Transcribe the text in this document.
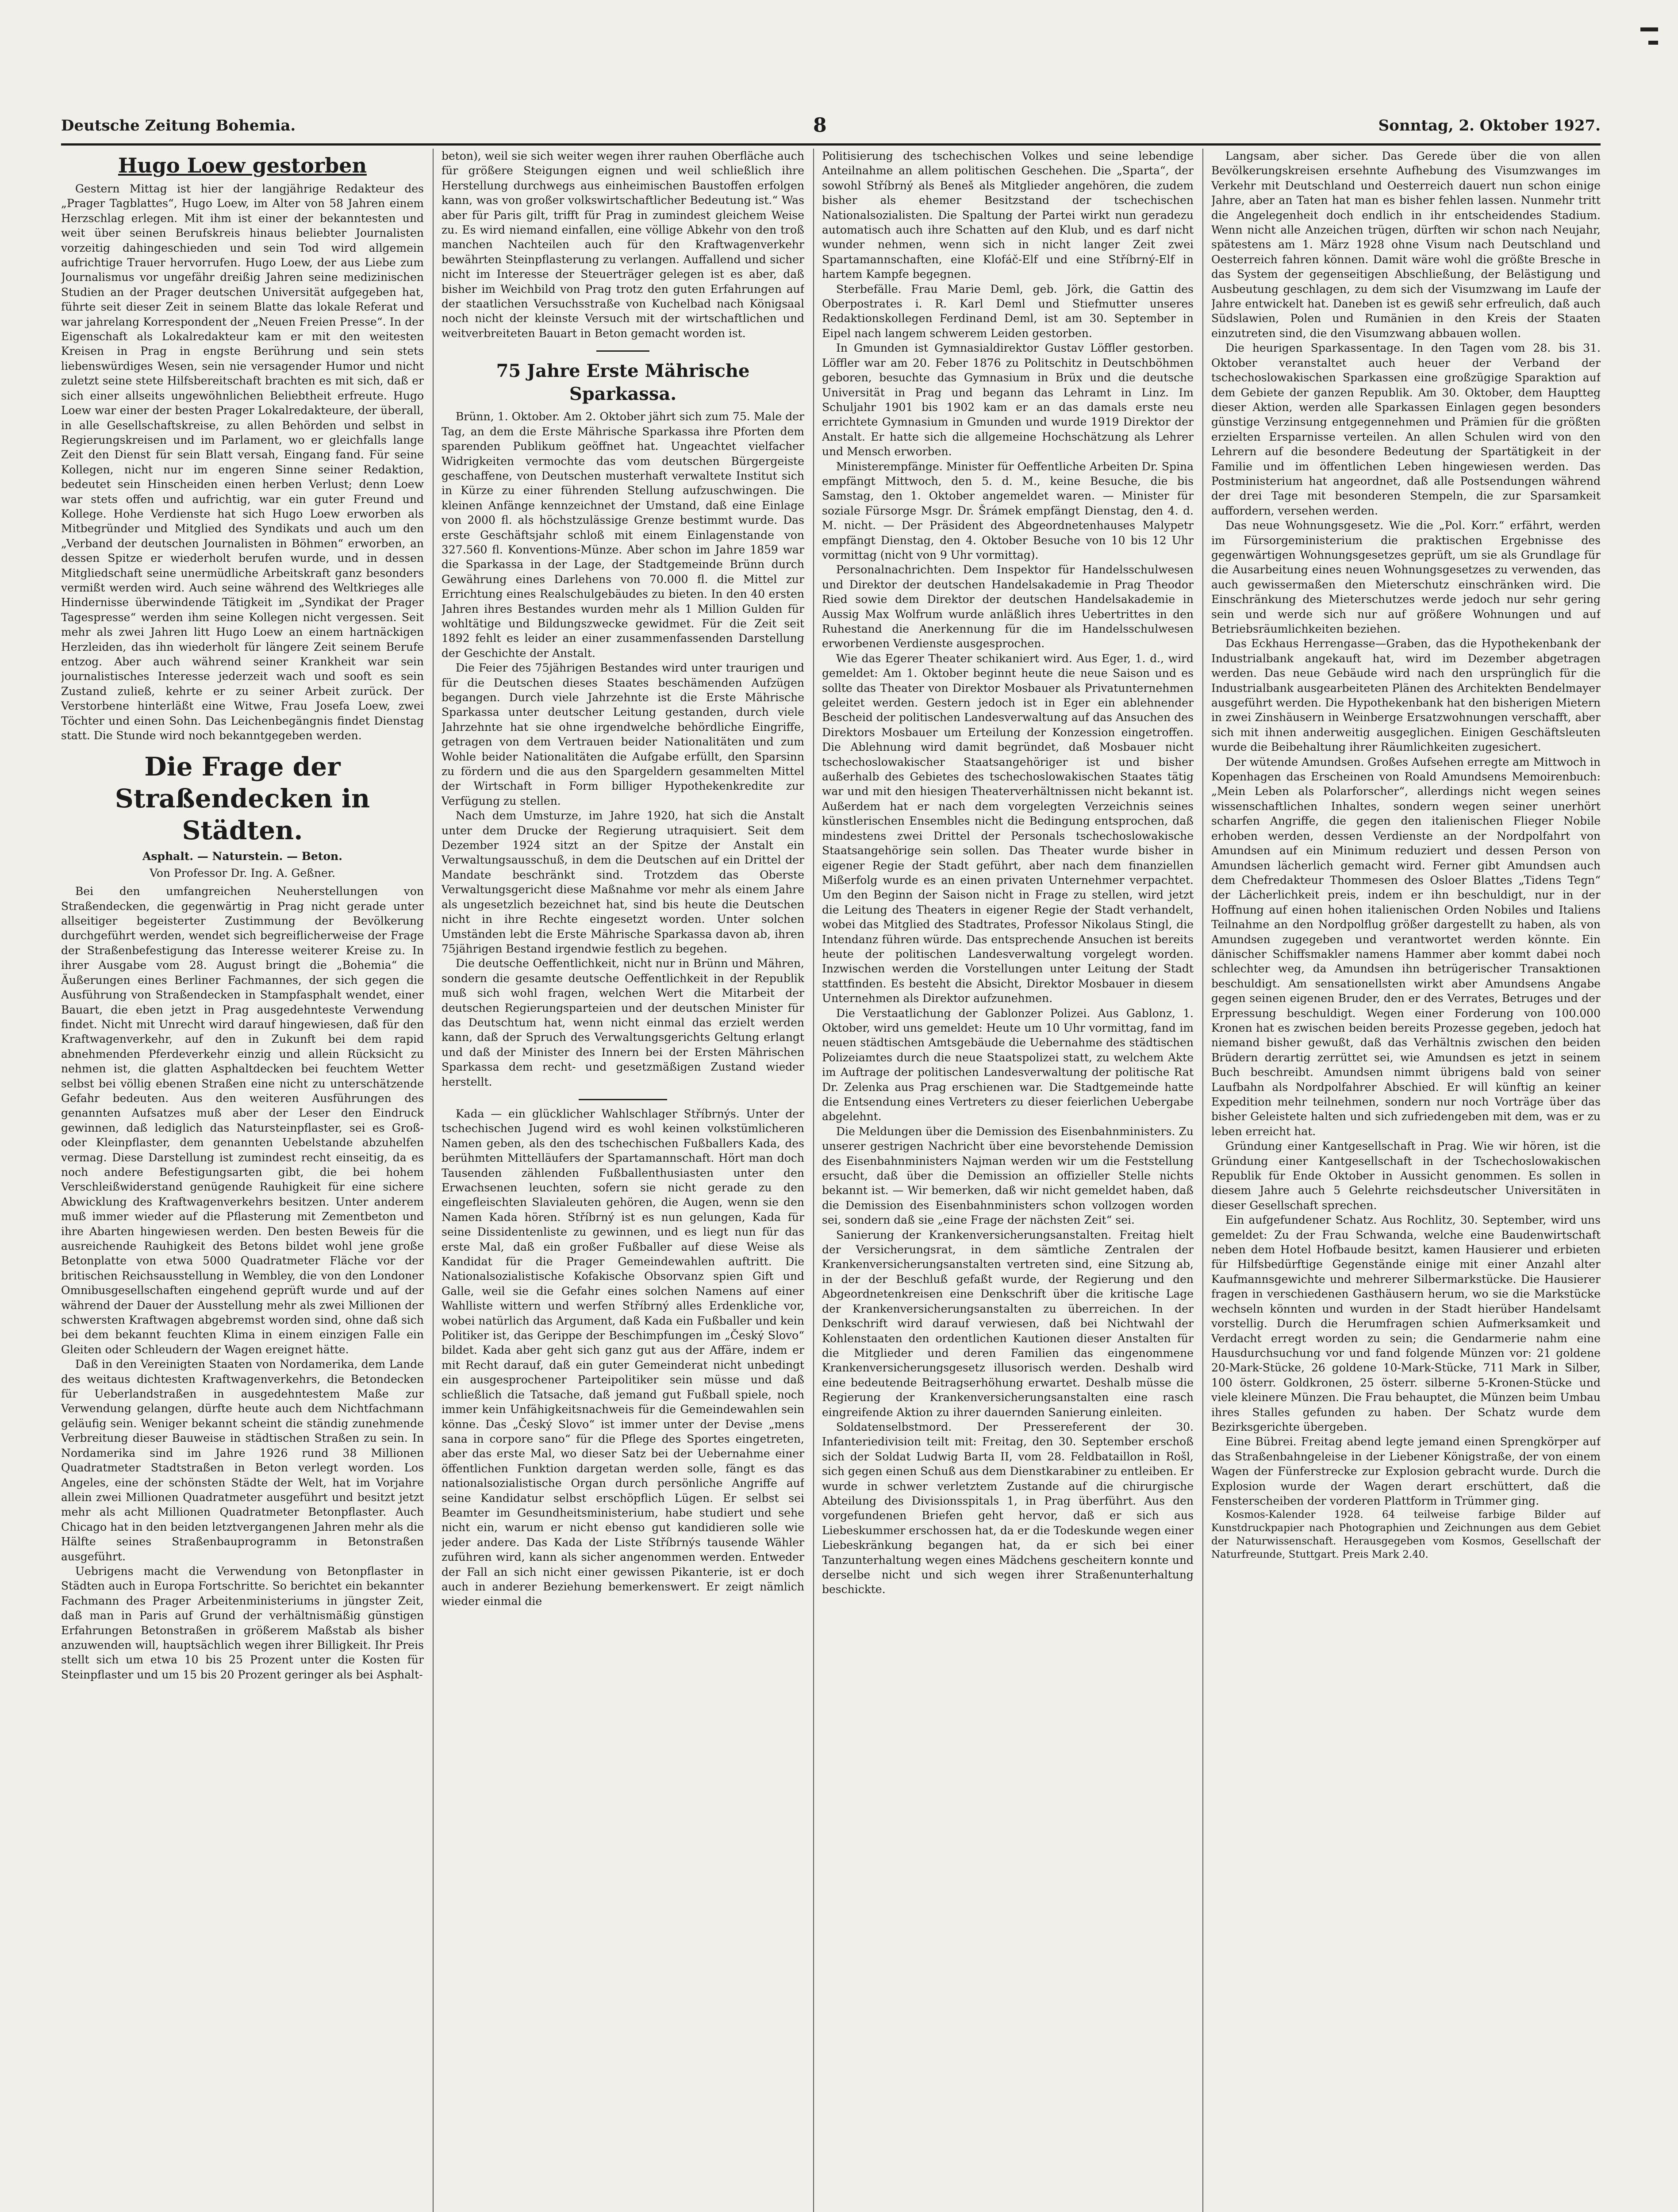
Deutsche Zeitung Bohemia.	8	Sonntag, 2. Oktober 1927.
Hugo Loew gestorben

Gestern Mittag ist hier der langjährige Redakteur des „Prager Tagblattes“, Hugo Loew, im Alter von 58 Jahren einem Herzschlag erlegen. Mit ihm ist einer der bekanntesten und weit über seinen Berufskreis hinaus beliebter Journalisten vorzeitig dahingeschieden und sein Tod wird allgemein aufrichtige Trauer hervorrufen. Hugo Loew, der aus Liebe zum Journalismus vor ungefähr dreißig Jahren seine medizinischen Studien an der Prager deutschen Universität aufgegeben hat, führte seit dieser Zeit in seinem Blatte das lokale Referat und war jahrelang Korrespondent der „Neuen Freien Presse“. In der Eigenschaft als Lokalredakteur kam er mit den weitesten Kreisen in Prag in engste Berührung und sein stets liebenswürdiges Wesen, sein nie versagender Humor und nicht zuletzt seine stete Hilfsbereitschaft brachten es mit sich, daß er sich einer allseits ungewöhnlichen Beliebtheit erfreute. Hugo Loew war einer der besten Prager Lokalredakteure, der überall, in alle Gesellschaftskreise, zu allen Behörden und selbst in Regierungskreisen und im Parlament, wo er gleichfalls lange Zeit den Dienst für sein Blatt versah, Eingang fand. Für seine Kollegen, nicht nur im engeren Sinne seiner Redaktion, bedeutet sein Hinscheiden einen herben Verlust; denn Loew war stets offen und aufrichtig, war ein guter Freund und Kollege. Hohe Verdienste hat sich Hugo Loew erworben als Mitbegründer und Mitglied des Syndikats und auch um den „Verband der deutschen Journalisten in Böhmen“ erworben, an dessen Spitze er wiederholt berufen wurde, und in dessen Mitgliedschaft seine unermüdliche Arbeitskraft ganz besonders vermißt werden wird. Auch seine während des Weltkrieges alle Hindernisse überwindende Tätigkeit im „Syndikat der Prager Tagespresse“ werden ihm seine Kollegen nicht vergessen. Seit mehr als zwei Jahren litt Hugo Loew an einem hartnäckigen Herzleiden, das ihn wiederholt für längere Zeit seinem Berufe entzog. Aber auch während seiner Krankheit war sein journalistisches Interesse jederzeit wach und sooft es sein Zustand zuließ, kehrte er zu seiner Arbeit zurück. Der Verstorbene hinterläßt eine Witwe, Frau Josefa Loew, zwei Töchter und einen Sohn. Das Leichenbegängnis findet Dienstag statt. Die Stunde wird noch bekanntgegeben werden.

Die Frage der Straßendecken in Städten.
Asphalt. — Naturstein. — Beton.
Von Professor Dr. Ing. A. Geßner.

Bei den umfangreichen Neuherstellungen von Straßendecken, die gegenwärtig in Prag nicht gerade unter allseitiger begeisterter Zustimmung der Bevölkerung durchgeführt werden, wendet sich begreiflicherweise der Frage der Straßenbefestigung das Interesse weiterer Kreise zu. In ihrer Ausgabe vom 28. August bringt die „Bohemia“ die Äußerungen eines Berliner Fachmannes, der sich gegen die Ausführung von Straßendecken in Stampfasphalt wendet, einer Bauart, die eben jetzt in Prag ausgedehnteste Verwendung findet. Nicht mit Unrecht wird darauf hingewiesen, daß für den Kraftwagenverkehr, auf den in Zukunft bei dem rapid abnehmenden Pferdeverkehr einzig und allein Rücksicht zu nehmen ist, die glatten Asphaltdecken bei feuchtem Wetter selbst bei völlig ebenen Straßen eine nicht zu unterschätzende Gefahr bedeuten. Aus den weiteren Ausführungen des genannten Aufsatzes muß aber der Leser den Eindruck gewinnen, daß lediglich das Natursteinpflaster, sei es Groß- oder Kleinpflaster, dem genannten Uebelstande abzuhelfen vermag. Diese Darstellung ist zumindest recht einseitig, da es noch andere Befestigungsarten gibt, die bei hohem Verschleißwiderstand genügende Rauhigkeit für eine sichere Abwicklung des Kraftwagenverkehrs besitzen. Unter anderem muß immer wieder auf die Pflasterung mit Zementbeton und ihre Abarten hingewiesen werden. Den besten Beweis für die ausreichende Rauhigkeit des Betons bildet wohl jene große Betonplatte von etwa 5000 Quadratmeter Fläche vor der britischen Reichsausstellung in Wembley, die von den Londoner Omnibusgesellschaften eingehend geprüft wurde und auf der während der Dauer der Ausstellung mehr als zwei Millionen der schwersten Kraftwagen abgebremst worden sind, ohne daß sich bei dem bekannt feuchten Klima in einem einzigen Falle ein Gleiten oder Schleudern der Wagen ereignet hätte.

Daß in den Vereinigten Staaten von Nordamerika, dem Lande des weitaus dichtesten Kraftwagenverkehrs, die Betondecken für Ueberlandstraßen in ausgedehntestem Maße zur Verwendung gelangen, dürfte heute auch dem Nichtfachmann geläufig sein. Weniger bekannt scheint die ständig zunehmende Verbreitung dieser Bauweise in städtischen Straßen zu sein. In Nordamerika sind im Jahre 1926 rund 38 Millionen Quadratmeter Stadtstraßen in Beton verlegt worden. Los Angeles, eine der schönsten Städte der Welt, hat im Vorjahre allein zwei Millionen Quadratmeter ausgeführt und besitzt jetzt mehr als acht Millionen Quadratmeter Betonpflaster. Auch Chicago hat in den beiden letztvergangenen Jahren mehr als die Hälfte seines Straßenbauprogramm in Betonstraßen ausgeführt.

Uebrigens macht die Verwendung von Betonpflaster in Städten auch in Europa Fortschritte. So berichtet ein bekannter Fachmann des Prager Arbeitenministeriums in jüngster Zeit, daß man in Paris auf Grund der verhältnismäßig günstigen Erfahrungen Betonstraßen in größerem Maßstab als bisher anzuwenden will, hauptsächlich wegen ihrer Billigkeit. Ihr Preis stellt sich um etwa 10 bis 25 Prozent unter die Kosten für Steinpflaster und um 15 bis 20 Prozent geringer als bei Asphalt-

beton), weil sie sich weiter wegen ihrer rauhen Oberfläche auch für größere Steigungen eignen und weil schließlich ihre Herstellung durchwegs aus einheimischen Baustoffen erfolgen kann, was von großer volkswirtschaftlicher Bedeutung ist.“ Was aber für Paris gilt, trifft für Prag in zumindest gleichem Weise zu. Es wird niemand einfallen, eine völlige Abkehr von den troß manchen Nachteilen auch für den Kraftwagenverkehr bewährten Steinpflasterung zu verlangen. Auffallend und sicher nicht im Interesse der Steuerträger gelegen ist es aber, daß bisher im Weichbild von Prag trotz den guten Erfahrungen auf der staatlichen Versuchsstraße von Kuchelbad nach Königsaal noch nicht der kleinste Versuch mit der wirtschaftlichen und weitverbreiteten Bauart in Beton gemacht worden ist.

75 Jahre Erste Mährische Sparkassa.

Brünn, 1. Oktober. Am 2. Oktober jährt sich zum 75. Male der Tag, an dem die Erste Mährische Sparkassa ihre Pforten dem sparenden Publikum geöffnet hat. Ungeachtet vielfacher Widrigkeiten vermochte das vom deutschen Bürgergeiste geschaffene, von Deutschen musterhaft verwaltete Institut sich in Kürze zu einer führenden Stellung aufzuschwingen. Die kleinen Anfänge kennzeichnet der Umstand, daß eine Einlage von 2000 fl. als höchstzulässige Grenze bestimmt wurde. Das erste Geschäftsjahr schloß mit einem Einlagenstande von 327.560 fl. Konventions-Münze. Aber schon im Jahre 1859 war die Sparkassa in der Lage, der Stadtgemeinde Brünn durch Gewährung eines Darlehens von 70.000 fl. die Mittel zur Errichtung eines Realschulgebäudes zu bieten. In den 40 ersten Jahren ihres Bestandes wurden mehr als 1 Million Gulden für wohltätige und Bildungszwecke gewidmet. Für die Zeit seit 1892 fehlt es leider an einer zusammenfassenden Darstellung der Geschichte der Anstalt.

Die Feier des 75jährigen Bestandes wird unter traurigen und für die Deutschen dieses Staates beschämenden Aufzügen begangen. Durch viele Jahrzehnte ist die Erste Mährische Sparkassa unter deutscher Leitung gestanden, durch viele Jahrzehnte hat sie ohne irgendwelche behördliche Eingriffe, getragen von dem Vertrauen beider Nationalitäten und zum Wohle beider Nationalitäten die Aufgabe erfüllt, den Sparsinn zu fördern und die aus den Spargeldern gesammelten Mittel der Wirtschaft in Form billiger Hypothekenkredite zur Verfügung zu stellen.

Nach dem Umsturze, im Jahre 1920, hat sich die Anstalt unter dem Drucke der Regierung utraquisiert. Seit dem Dezember 1924 sitzt an der Spitze der Anstalt ein Verwaltungsausschuß, in dem die Deutschen auf ein Drittel der Mandate beschränkt sind. Trotzdem das Oberste Verwaltungsgericht diese Maßnahme vor mehr als einem Jahre als ungesetzlich bezeichnet hat, sind bis heute die Deutschen nicht in ihre Rechte eingesetzt worden. Unter solchen Umständen lebt die Erste Mährische Sparkassa davon ab, ihren 75jährigen Bestand irgendwie festlich zu begehen.

Die deutsche Oeffentlichkeit, nicht nur in Brünn und Mähren, sondern die gesamte deutsche Oeffentlichkeit in der Republik muß sich wohl fragen, welchen Wert die Mitarbeit der deutschen Regierungsparteien und der deutschen Minister für das Deutschtum hat, wenn nicht einmal das erzielt werden kann, daß der Spruch des Verwaltungsgerichts Geltung erlangt und daß der Minister des Innern bei der Ersten Mährischen Sparkassa dem recht- und gesetzmäßigen Zustand wieder herstellt.

Kada — ein glücklicher Wahlschlager Stříbrnýs. Unter der tschechischen Jugend wird es wohl keinen volkstümlicheren Namen geben, als den des tschechischen Fußballers Kada, des berühmten Mittelläufers der Spartamannschaft. Hört man doch Tausenden zählenden Fußballenthusiasten unter den Erwachsenen leuchten, sofern sie nicht gerade zu den eingefleischten Slavialeuten gehören, die Augen, wenn sie den Namen Kada hören. Stříbrný ist es nun gelungen, Kada für seine Dissidentenliste zu gewinnen, und es liegt nun für das erste Mal, daß ein großer Fußballer auf diese Weise als Kandidat für die Prager Gemeindewahlen auftritt. Die Nationalsozialistische Kofakische Obsorvanz spien Gift und Galle, weil sie die Gefahr eines solchen Namens auf einer Wahlliste wittern und werfen Stříbrný alles Erdenkliche vor, wobei natürlich das Argument, daß Kada ein Fußballer und kein Politiker ist, das Gerippe der Beschimpfungen im „Český Slovo“ bildet. Kada aber geht sich ganz gut aus der Affäre, indem er mit Recht darauf, daß ein guter Gemeinderat nicht unbedingt ein ausgesprochener Parteipolitiker sein müsse und daß schließlich die Tatsache, daß jemand gut Fußball spiele, noch immer kein Unfähigkeitsnachweis für die Gemeindewahlen sein könne. Das „Český Slovo“ ist immer unter der Devise „mens sana in corpore sano“ für die Pflege des Sportes eingetreten, aber das erste Mal, wo dieser Satz bei der Uebernahme einer öffentlichen Funktion dargetan werden solle, fängt es das nationalsozialistische Organ durch persönliche Angriffe auf seine Kandidatur selbst erschöpflich Lügen. Er selbst sei Beamter im Gesundheitsministerium, habe studiert und sehe nicht ein, warum er nicht ebenso gut kandidieren solle wie jeder andere. Das Kada der Liste Stříbrnýs tausende Wähler zuführen wird, kann als sicher angenommen werden. Entweder der Fall an sich nicht einer gewissen Pikanterie, ist er doch auch in anderer Beziehung bemerkenswert. Er zeigt nämlich wieder einmal die

Politisierung des tschechischen Volkes und seine lebendige Anteilnahme an allem politischen Geschehen. Die „Sparta“, der sowohl Stříbrný als Beneš als Mitglieder angehören, die zudem bisher als ehemer Besitzstand der tschechischen Nationalsozialisten. Die Spaltung der Partei wirkt nun geradezu automatisch auch ihre Schatten auf den Klub, und es darf nicht wunder nehmen, wenn sich in nicht langer Zeit zwei Spartamannschaften, eine Klofáč-Elf und eine Stříbrný-Elf in hartem Kampfe begegnen.

Sterbefälle. Frau Marie Deml, geb. Jörk, die Gattin des Oberpostrates i. R. Karl Deml und Stiefmutter unseres Redaktionskollegen Ferdinand Deml, ist am 30. September in Eipel nach langem schwerem Leiden gestorben.

In Gmunden ist Gymnasialdirektor Gustav Löffler gestorben. Löffler war am 20. Feber 1876 zu Politschitz in Deutschböhmen geboren, besuchte das Gymnasium in Brüx und die deutsche Universität in Prag und begann das Lehramt in Linz. Im Schuljahr 1901 bis 1902 kam er an das damals erste neu errichtete Gymnasium in Gmunden und wurde 1919 Direktor der Anstalt. Er hatte sich die allgemeine Hochschätzung als Lehrer und Mensch erworben.

Ministerempfänge. Minister für Oeffentliche Arbeiten Dr. Spina empfängt Mittwoch, den 5. d. M., keine Besuche, die bis Samstag, den 1. Oktober angemeldet waren. — Minister für soziale Fürsorge Msgr. Dr. Šrámek empfängt Dienstag, den 4. d. M. nicht. — Der Präsident des Abgeordnetenhauses Malypetr empfängt Dienstag, den 4. Oktober Besuche von 10 bis 12 Uhr vormittag (nicht von 9 Uhr vormittag).

Personalnachrichten. Dem Inspektor für Handelsschulwesen und Direktor der deutschen Handelsakademie in Prag Theodor Ried sowie dem Direktor der deutschen Handelsakademie in Aussig Max Wolfrum wurde anläßlich ihres Uebertrittes in den Ruhestand die Anerkennung für die im Handelsschulwesen erworbenen Verdienste ausgesprochen.

Wie das Egerer Theater schikaniert wird. Aus Eger, 1. d., wird gemeldet: Am 1. Oktober beginnt heute die neue Saison und es sollte das Theater von Direktor Mosbauer als Privatunternehmen geleitet werden. Gestern jedoch ist in Eger ein ablehnender Bescheid der politischen Landesverwaltung auf das Ansuchen des Direktors Mosbauer um Erteilung der Konzession eingetroffen. Die Ablehnung wird damit begründet, daß Mosbauer nicht tschechoslowakischer Staatsangehöriger ist und bisher außerhalb des Gebietes des tschechoslowakischen Staates tätig war und mit den hiesigen Theaterverhältnissen nicht bekannt ist. Außerdem hat er nach dem vorgelegten Verzeichnis seines künstlerischen Ensembles nicht die Bedingung entsprochen, daß mindestens zwei Drittel der Personals tschechoslowakische Staatsangehörige sein sollen. Das Theater wurde bisher in eigener Regie der Stadt geführt, aber nach dem finanziellen Mißerfolg wurde es an einen privaten Unternehmer verpachtet. Um den Beginn der Saison nicht in Frage zu stellen, wird jetzt die Leitung des Theaters in eigener Regie der Stadt verhandelt, wobei das Mitglied des Stadtrates, Professor Nikolaus Stingl, die Intendanz führen würde. Das entsprechende Ansuchen ist bereits heute der politischen Landesverwaltung vorgelegt worden. Inzwischen werden die Vorstellungen unter Leitung der Stadt stattfinden. Es besteht die Absicht, Direktor Mosbauer in diesem Unternehmen als Direktor aufzunehmen.

Die Verstaatlichung der Gablonzer Polizei. Aus Gablonz, 1. Oktober, wird uns gemeldet: Heute um 10 Uhr vormittag, fand im neuen städtischen Amtsgebäude die Uebernahme des städtischen Polizeiamtes durch die neue Staatspolizei statt, zu welchem Akte im Auftrage der politischen Landesverwaltung der politische Rat Dr. Zelenka aus Prag erschienen war. Die Stadtgemeinde hatte die Entsendung eines Vertreters zu dieser feierlichen Uebergabe abgelehnt.

Die Meldungen über die Demission des Eisenbahnministers. Zu unserer gestrigen Nachricht über eine bevorstehende Demission des Eisenbahnministers Najman werden wir um die Feststellung ersucht, daß über die Demission an offizieller Stelle nichts bekannt ist. — Wir bemerken, daß wir nicht gemeldet haben, daß die Demission des Eisenbahnministers schon vollzogen worden sei, sondern daß sie „eine Frage der nächsten Zeit“ sei.

Sanierung der Krankenversicherungsanstalten. Freitag hielt der Versicherungsrat, in dem sämtliche Zentralen der Krankenversicherungsanstalten vertreten sind, eine Sitzung ab, in der der Beschluß gefaßt wurde, der Regierung und den Abgeordnetenkreisen eine Denkschrift über die kritische Lage der Krankenversicherungsanstalten zu überreichen. In der Denkschrift wird darauf verwiesen, daß bei Nichtwahl der Kohlenstaaten den ordentlichen Kautionen dieser Anstalten für die Mitglieder und deren Familien das eingenommene Krankenversicherungsgesetz illusorisch werden. Deshalb wird eine bedeutende Beitragserhöhung erwartet. Deshalb müsse die Regierung der Krankenversicherungsanstalten eine rasch eingreifende Aktion zu ihrer dauernden Sanierung einleiten.

Soldatenselbstmord. Der Pressereferent der 30. Infanteriedivision teilt mit: Freitag, den 30. September erschoß sich der Soldat Ludwig Barta II, vom 28. Feldbataillon in Rošl, sich gegen einen Schuß aus dem Dienstkarabiner zu entleiben. Er wurde in schwer verletztem Zustande auf die chirurgische Abteilung des Divisionsspitals 1, in Prag überführt. Aus den vorgefundenen Briefen geht hervor, daß er sich aus Liebeskummer erschossen hat, da er die Todeskunde wegen einer Liebeskränkung begangen hat, da er sich bei einer Tanzunterhaltung wegen eines Mädchens gescheitern konnte und derselbe nicht und sich wegen ihrer Straßenunterhaltung beschickte.

Langsam, aber sicher. Das Gerede über die von allen Bevölkerungskreisen ersehnte Aufhebung des Visumzwanges im Verkehr mit Deutschland und Oesterreich dauert nun schon einige Jahre, aber an Taten hat man es bisher fehlen lassen. Nunmehr tritt die Angelegenheit doch endlich in ihr entscheidendes Stadium. Wenn nicht alle Anzeichen trügen, dürften wir schon nach Neujahr, spätestens am 1. März 1928 ohne Visum nach Deutschland und Oesterreich fahren können. Damit wäre wohl die größte Bresche in das System der gegenseitigen Abschließung, der Belästigung und Ausbeutung geschlagen, zu dem sich der Visumzwang im Laufe der Jahre entwickelt hat. Daneben ist es gewiß sehr erfreulich, daß auch Südslawien, Polen und Rumänien in den Kreis der Staaten einzutreten sind, die den Visumzwang abbauen wollen.

Die heurigen Sparkassentage. In den Tagen vom 28. bis 31. Oktober veranstaltet auch heuer der Verband der tschechoslowakischen Sparkassen eine großzügige Sparaktion auf dem Gebiete der ganzen Republik. Am 30. Oktober, dem Hauptteg dieser Aktion, werden alle Sparkassen Einlagen gegen besonders günstige Verzinsung entgegennehmen und Prämien für die größten erzielten Ersparnisse verteilen. An allen Schulen wird von den Lehrern auf die besondere Bedeutung der Spartätigkeit in der Familie und im öffentlichen Leben hingewiesen werden. Das Postministerium hat angeordnet, daß alle Postsendungen während der drei Tage mit besonderen Stempeln, die zur Sparsamkeit auffordern, versehen werden.

Das neue Wohnungsgesetz. Wie die „Pol. Korr.“ erfährt, werden im Fürsorgeministerium die praktischen Ergebnisse des gegenwärtigen Wohnungsgesetzes geprüft, um sie als Grundlage für die Ausarbeitung eines neuen Wohnungsgesetzes zu verwenden, das auch gewissermaßen den Mieterschutz einschränken wird. Die Einschränkung des Mieterschutzes werde jedoch nur sehr gering sein und werde sich nur auf größere Wohnungen und auf Betriebsräumlichkeiten beziehen.

Das Eckhaus Herrengasse—Graben, das die Hypothekenbank der Industrialbank angekauft hat, wird im Dezember abgetragen werden. Das neue Gebäude wird nach den ursprünglich für die Industrialbank ausgearbeiteten Plänen des Architekten Bendelmayer ausgeführt werden. Die Hypothekenbank hat den bisherigen Mietern in zwei Zinshäusern in Weinberge Ersatzwohnungen verschafft, aber sich mit ihnen anderweitig ausgeglichen. Einigen Geschäftsleuten wurde die Beibehaltung ihrer Räumlichkeiten zugesichert.

Der wütende Amundsen. Großes Aufsehen erregte am Mittwoch in Kopenhagen das Erscheinen von Roald Amundsens Memoirenbuch: „Mein Leben als Polarforscher“, allerdings nicht wegen seines wissenschaftlichen Inhaltes, sondern wegen seiner unerhört scharfen Angriffe, die gegen den italienischen Flieger Nobile erhoben werden, dessen Verdienste an der Nordpolfahrt von Amundsen auf ein Minimum reduziert und dessen Person von Amundsen lächerlich gemacht wird. Ferner gibt Amundsen auch dem Chefredakteur Thommesen des Osloer Blattes „Tidens Tegn“ der Lächerlichkeit preis, indem er ihn beschuldigt, nur in der Hoffnung auf einen hohen italienischen Orden Nobiles und Italiens Teilnahme an den Nordpolflug größer dargestellt zu haben, als von Amundsen zugegeben und verantwortet werden könnte. Ein dänischer Schiffsmakler namens Hammer aber kommt dabei noch schlechter weg, da Amundsen ihn betrügerischer Transaktionen beschuldigt. Am sensationellsten wirkt aber Amundsens Angabe gegen seinen eigenen Bruder, den er des Verrates, Betruges und der Erpressung beschuldigt. Wegen einer Forderung von 100.000 Kronen hat es zwischen beiden bereits Prozesse gegeben, jedoch hat niemand bisher gewußt, daß das Verhältnis zwischen den beiden Brüdern derartig zerrüttet sei, wie Amundsen es jetzt in seinem Buch beschreibt. Amundsen nimmt übrigens bald von seiner Laufbahn als Nordpolfahrer Abschied. Er will künftig an keiner Expedition mehr teilnehmen, sondern nur noch Vorträge über das bisher Geleistete halten und sich zufriedengeben mit dem, was er zu leben erreicht hat.

Gründung einer Kantgesellschaft in Prag. Wie wir hören, ist die Gründung einer Kantgesellschaft in der Tschechoslowakischen Republik für Ende Oktober in Aussicht genommen. Es sollen in diesem Jahre auch 5 Gelehrte reichsdeutscher Universitäten in dieser Gesellschaft sprechen.

Ein aufgefundener Schatz. Aus Rochlitz, 30. September, wird uns gemeldet: Zu der Frau Schwanda, welche eine Baudenwirtschaft neben dem Hotel Hofbaude besitzt, kamen Hausierer und erbieten für Hilfsbedürftige Gegenstände einige mit einer Anzahl alter Kaufmannsgewichte und mehrerer Silbermarkstücke. Die Hausierer fragen in verschiedenen Gasthäusern herum, wo sie die Markstücke wechseln könnten und wurden in der Stadt hierüber Handelsamt vorstellig. Durch die Herumfragen schien Aufmerksamkeit und Verdacht erregt worden zu sein; die Gendarmerie nahm eine Hausdurchsuchung vor und fand folgende Münzen vor: 21 goldene 20-Mark-Stücke, 26 goldene 10-Mark-Stücke, 711 Mark in Silber, 100 österr. Goldkronen, 25 österr. silberne 5-Kronen-Stücke und viele kleinere Münzen. Die Frau behauptet, die Münzen beim Umbau ihres Stalles gefunden zu haben. Der Schatz wurde dem Bezirksgerichte übergeben.

Eine Bübrei. Freitag abend legte jemand einen Sprengkörper auf das Straßenbahngeleise in der Liebener Königstraße, der von einem Wagen der Fünferstrecke zur Explosion gebracht wurde. Durch die Explosion wurde der Wagen derart erschüttert, daß die Fensterscheiben der vorderen Plattform in Trümmer ging.

Kosmos-Kalender 1928. 64 teilweise farbige Bilder auf Kunstdruckpapier nach Photographien und Zeichnungen aus dem Gebiet der Naturwissenschaft. Herausgegeben vom Kosmos, Gesellschaft der Naturfreunde, Stuttgart. Preis Mark 2.40.
